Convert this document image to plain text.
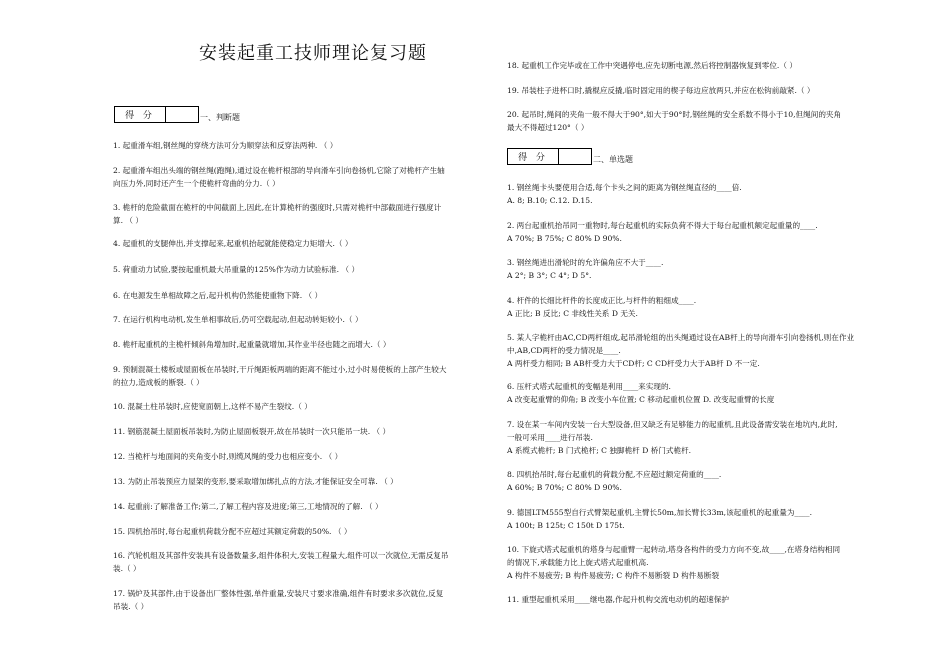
安装起重工技师理论复习题
得 分	一、判断题
得 分	二、单选题
1. 起重滑车组,钢丝绳的穿绕方法可分为顺穿法和反穿法两种. （ ）
2. 起重滑车组出头端的钢丝绳(跑绳),通过设在桅杆根部的导向滑车引向卷扬机,它除了对桅杆产生轴
向压力外,同时还产生一个使桅杆弯曲的分力.（ ）
3. 桅杆的危险截面在桅杆的中间截面上,因此,在计算桅杆的强度时,只需对桅杆中部截面进行强度计
算. （ ）
4. 起重机的支腿伸出,并支撑起来,起重机抬起就能使稳定力矩增大.（ ）
5. 荷重动力试验,要按起重机最大吊重量的125%作为动力试验标准. （ ）
6. 在电源发生单相故障之后,起升机构仍然能使重物下降. （ ）
7. 在运行机构电动机,发生单相事故后,仍可空载起动,但起动转矩较小.（ ）
8. 桅杆起重机的主桅杆倾斜角增加时,起重量就增加,其作业半径也随之而增大.（ ）
9. 预制混凝土楼板或屋面板在吊装时,干斤绳距板两端的距离不能过小,过小时易使板的上部产生较大
的拉力,造成板的断裂.（ ）
10. 混凝土柱吊装时,应使宽面朝上,这样不易产生裂纹.（ ）
11. 钢筋混凝土屋面板吊装时,为防止屋面板裂开,故在吊装时一次只能吊一块. （ ）
12. 当桅杆与地面间的夹角变小时,则缆风绳的受力也相应变小. （ ）
13. 为防止吊装预应力屋架的变形,要采取增加绑扎点的方法,才能保证安全可靠. （ ）
14. 起重前:了解准备工作;第二,了解工程内容及进度;第三,工地情况的了解. （ ）
15. 四机抬吊时,每台起重机荷载分配不应超过其额定荷载的50%. （ ）
16. 汽轮机组及其部件安装具有设备数量多,组件体积大,安装工程量大,组件可以一次就位,无需反复吊
装.（ ）
17. 锅炉及其部件,由于设备出厂整体性强,单件重量,安装尺寸要求准确,组件有时要求多次就位,反复
吊装.（ ）
18. 起重机工作完毕或在工作中突遇停电,应先切断电源,然后将控制器恢复到零位.（ ）
19. 吊装柱子进杯口时,撬棍应反撬,临时固定用的楔子每边应放两只,并应在松钩前敲紧.（ ）
20. 起吊时,绳间的夹角一般不得大于90°,如大于90°时,钢丝绳的安全系数不得小于10,但绳间的夹角
最大不得超过120°（ ）
1. 钢丝绳卡头要使用合适,每个卡头之间的距离为钢丝绳直径的____倍.
A. 8; B.10; C.12. D.15.
2. 两台起重机抬吊同一重物时,每台起重机的实际负荷不得大于每台起重机额定起重量的____.
A 70%; B 75%; C 80% D 90%.
3. 钢丝绳进出滑轮时的允许偏角应不大于____.
A 2°; B 3°; C 4°; D 5°.
4. 杆件的长细比杆件的长度成正比,与杆件的粗细成____.
A 正比; B 反比; C 非线性关系 D 无关.
5. 某人字桅杆由AC,CD两杆组成,起吊滑轮组的出头绳通过设在AB杆上的导向滑车引向卷扬机,则在作业
中,AB,CD两杆的受力情况是____.
A 两杆受力相同; B AB杆受力大于CD杆; C CD杆受力大于AB杆 D 不一定.
6. 压杆式塔式起重机的变幅是利用____来实现的.
A 改变起重臂的仰角; B 改变小车位置; C 移动起重机位置 D. 改变起重臂的长度
7. 设在某一车间内安装一台大型设备,但又缺乏有足够能力的起重机,且此设备需安装在地坑内,此时,
一般可采用____进行吊装.
A 系缆式桅杆; B 门式桅杆; C 独脚桅杆 D 桥门式桅杆.
8. 四机抬吊时,每台起重机的荷载分配,不应超过额定荷重的____.
A 60%; B 70%; C 80% D 90%.
9. 德国LTM555型自行式臂架起重机,主臂长50m,加长臂长33m,该起重机的起重量为____.
A 100t; B 125t; C 150t D 175t.
10. 下旋式塔式起重机的塔身与起重臂一起转动,塔身各构件的受力方向不变,故____,在塔身结构相同
的情况下,承载能力比上旋式塔式起重机高.
A 构件不易疲劳; B 构件易疲劳; C 构件不易断裂 D 构件易断裂
11. 重型起重机采用____继电器,作起升机构交流电动机的超速保护
